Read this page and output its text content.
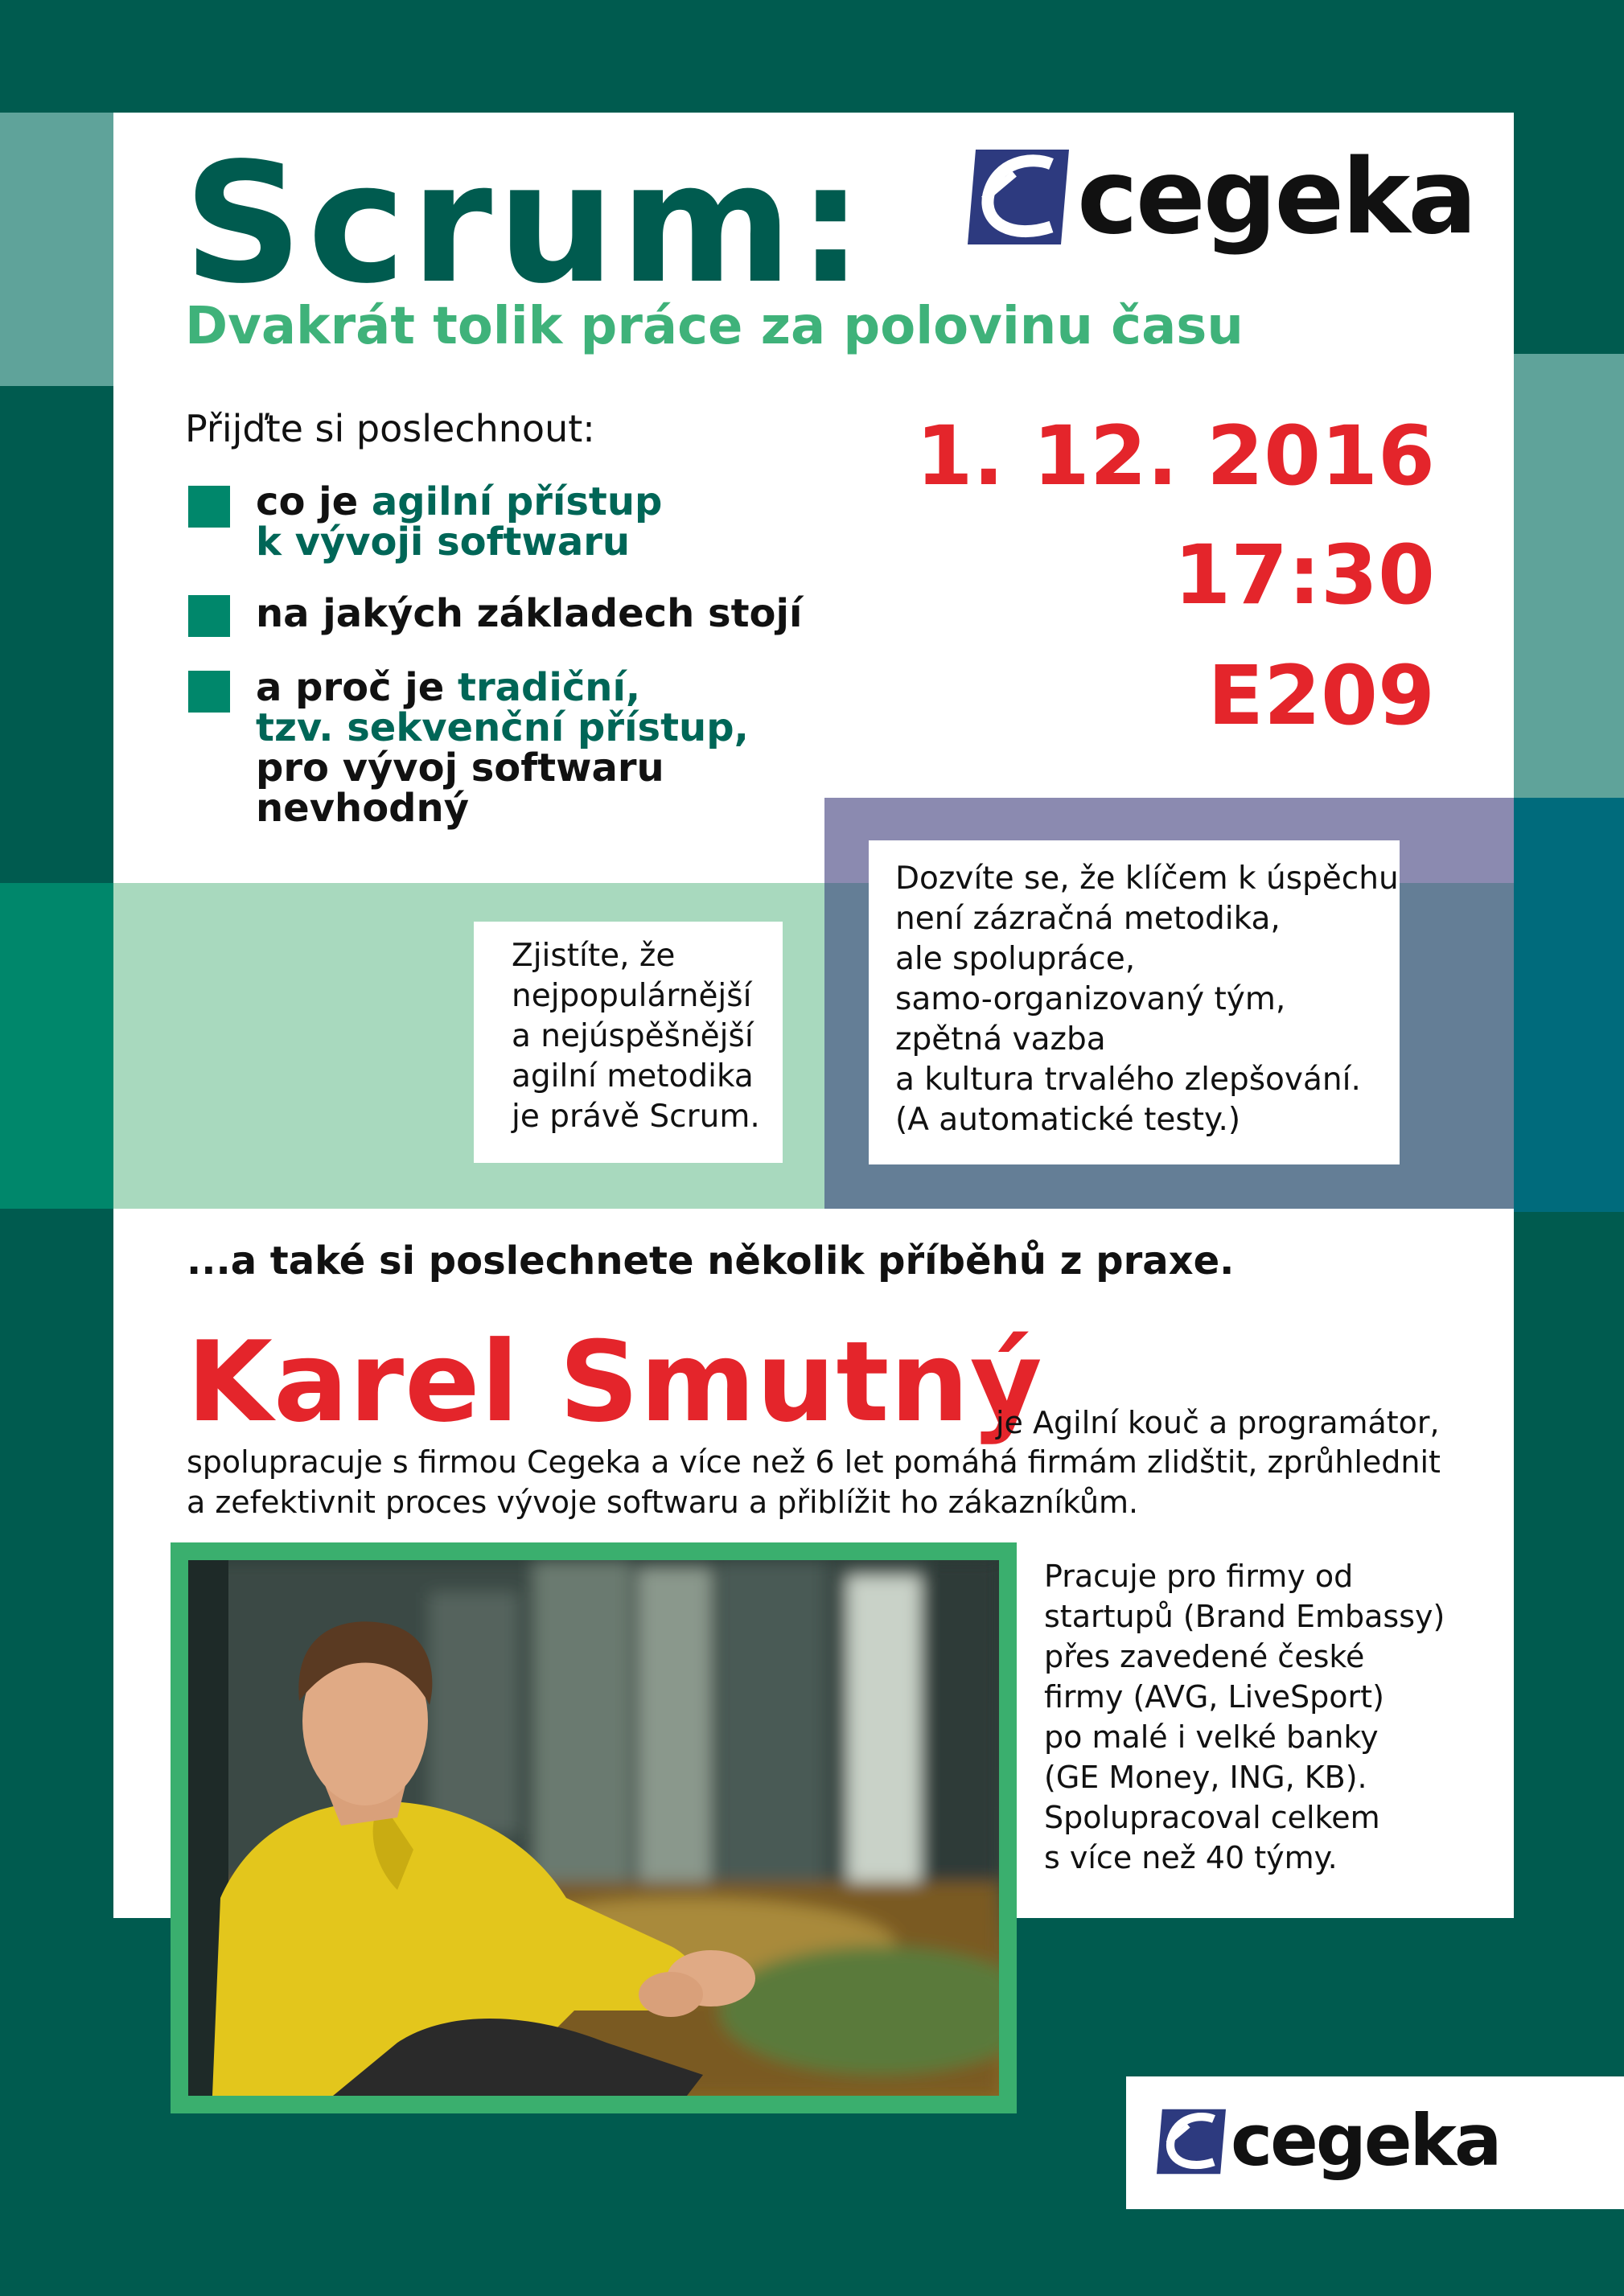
Scrum:
Dvakrát tolik práce za polovinu času
cegeka
Přijďte si poslechnout:
co je agilní přístup
k vývoji softwaru
na jakých základech stojí
a proč je tradiční,
tzv. sekvenční přístup,
pro vývoj softwaru
nevhodný
1. 12. 2016
17:30
E209
Zjistíte, že
nejpopulárnější
a nejúspěšnější
agilní metodika
je právě Scrum.
Dozvíte se, že klíčem k úspěchu
není zázračná metodika,
ale spolupráce,
samo-organizovaný tým,
zpětná vazba
a kultura trvalého zlepšování.
(A automatické testy.)
...a také si poslechnete několik příběhů z praxe.
Karel Smutný
je Agilní kouč a programátor,
spolupracuje s firmou Cegeka a více než 6 let pomáhá firmám zlidštit, zprůhlednit
a zefektivnit proces vývoje softwaru a přiblížit ho zákazníkům.
Pracuje pro firmy od
startupů (Brand Embassy)
přes zavedené české
firmy (AVG, LiveSport)
po malé i velké banky
(GE Money, ING, KB).
Spolupracoval celkem
s více než 40 týmy.
cegeka
